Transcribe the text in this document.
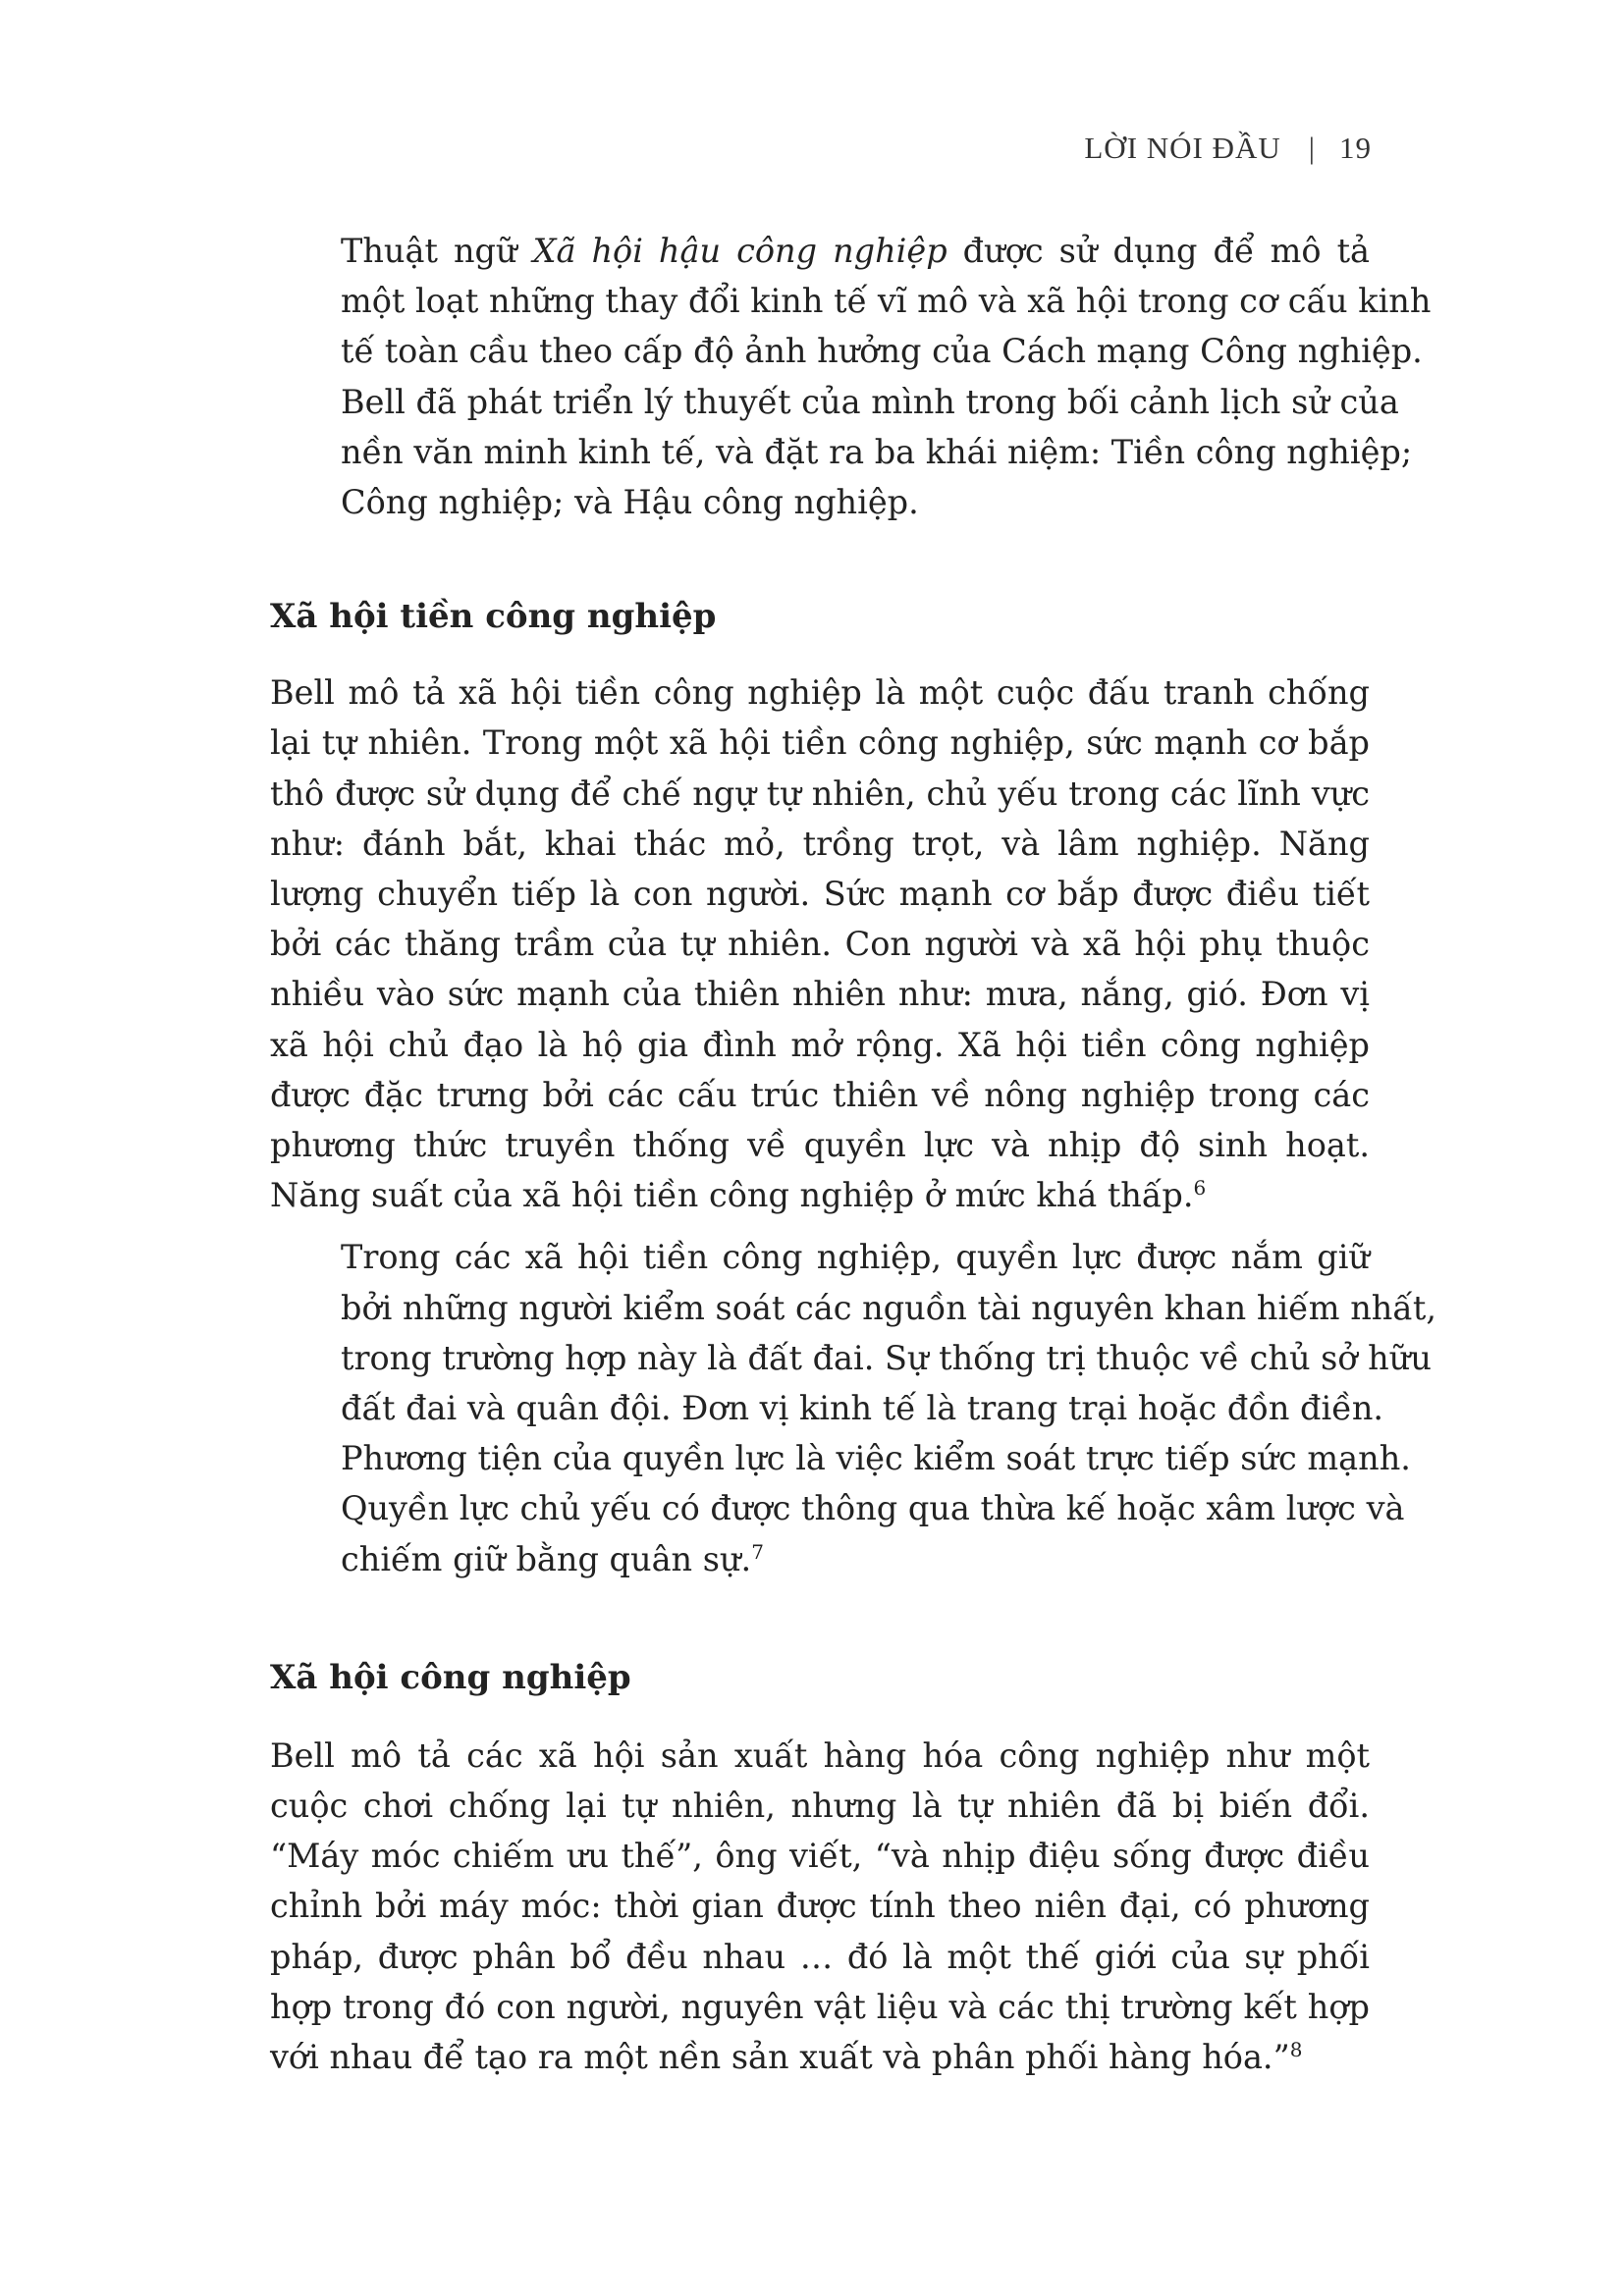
LỜI NÓI ĐẦU | 19

Thuật ngữ Xã hội hậu công nghiệp được sử dụng để mô tả
một loạt những thay đổi kinh tế vĩ mô và xã hội trong cơ cấu kinh
tế toàn cầu theo cấp độ ảnh hưởng của Cách mạng Công nghiệp.
Bell đã phát triển lý thuyết của mình trong bối cảnh lịch sử của
nền văn minh kinh tế, và đặt ra ba khái niệm: Tiền công nghiệp;
Công nghiệp; và Hậu công nghiệp.

Xã hội tiền công nghiệp

Bell mô tả xã hội tiền công nghiệp là một cuộc đấu tranh chống
lại tự nhiên. Trong một xã hội tiền công nghiệp, sức mạnh cơ bắp
thô được sử dụng để chế ngự tự nhiên, chủ yếu trong các lĩnh vực
như: đánh bắt, khai thác mỏ, trồng trọt, và lâm nghiệp. Năng
lượng chuyển tiếp là con người. Sức mạnh cơ bắp được điều tiết
bởi các thăng trầm của tự nhiên. Con người và xã hội phụ thuộc
nhiều vào sức mạnh của thiên nhiên như: mưa, nắng, gió. Đơn vị
xã hội chủ đạo là hộ gia đình mở rộng. Xã hội tiền công nghiệp
được đặc trưng bởi các cấu trúc thiên về nông nghiệp trong các
phương thức truyền thống về quyền lực và nhịp độ sinh hoạt.
Năng suất của xã hội tiền công nghiệp ở mức khá thấp.$^6$

Trong các xã hội tiền công nghiệp, quyền lực được nắm giữ
bởi những người kiểm soát các nguồn tài nguyên khan hiếm nhất,
trong trường hợp này là đất đai. Sự thống trị thuộc về chủ sở hữu
đất đai và quân đội. Đơn vị kinh tế là trang trại hoặc đồn điền.
Phương tiện của quyền lực là việc kiểm soát trực tiếp sức mạnh.
Quyền lực chủ yếu có được thông qua thừa kế hoặc xâm lược và
chiếm giữ bằng quân sự.$^7$

Xã hội công nghiệp

Bell mô tả các xã hội sản xuất hàng hóa công nghiệp như một
cuộc chơi chống lại tự nhiên, nhưng là tự nhiên đã bị biến đổi.
“Máy móc chiếm ưu thế”, ông viết, “và nhịp điệu sống được điều
chỉnh bởi máy móc: thời gian được tính theo niên đại, có phương
pháp, được phân bổ đều nhau … đó là một thế giới của sự phối
hợp trong đó con người, nguyên vật liệu và các thị trường kết hợp
với nhau để tạo ra một nền sản xuất và phân phối hàng hóa.”$^8$
